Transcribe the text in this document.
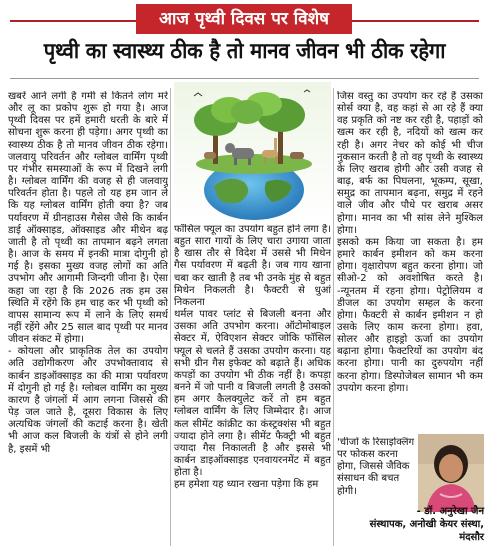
आज पृथ्वी दिवस पर विशेष
पृथ्वी का स्वास्थ्य ठीक है तो मानव जीवन भी ठीक रहेगा

खबरें आने लगी है गर्मी से कितने लोग मरे और लू का प्रकोप शुरू हो गया है। आज पृथ्वी दिवस पर हमें हमारी धरती के बारे में सोचना शुरू करना ही पड़ेगा। अगर पृथ्वी का स्वास्थ्य ठीक है तो मानव जीवन ठीक रहेगा। जलवायु परिवर्तन और ग्लोबल वार्मिंग पृथ्वी पर गंभीर समस्याओं के रूप में दिखने लगी है। ग्लोबल वार्मिंग की वजह से ही जलवायु परिवर्तन होता है। पहले तो यह हम जान ले कि यह ग्लोबल वार्मिंग होती क्या है? जब पर्यावरण में ग्रीनहाउस गैसेस जैसे कि कार्बन डाई ऑक्साइड, ऑक्साइड और मीथेन बढ़ जाती है तो पृथ्वी का तापमान बढ़ने लगता है। आज के समय में इनकी मात्रा दोगुनी हो गई है। इसका मुख्य वजह लोगों का अति उपभोग और आगामी जिन्दगी जीना है। ऐसा कहा जा रहा है कि 2026 तक हम उस स्थिति में रहेंगे कि हम चाह कर भी पृथ्वी को वापस सामान्य रूप में लाने के लिए समर्थ नहीं रहेंगे और 25 साल बाद पृथ्वी पर मानव जीवन संकट में होगा।

- कोयला और प्राकृतिक तेल का उपयोग अति उद्योगीकरण और उपभोक्तावाद से कार्बन डाइऑक्साइड का की मात्रा पर्यावरण में दोगुनी हो गई है। ग्लोबल वार्मिंग का मुख्य कारण है जंगलों में आग लगना जिससे की पेड़ जल जाते है, दूसरा विकास के लिए अत्यधिक जंगलों की कटाई करना है। खेती भी आज कल बिजली के यंत्रों से होने लगी है, इसमें भी

फॉसिल फ्यूल का उपयोग बहुत होने लगा है। बहुत सारा गायों के लिए चारा उगाया जाता है खास तौर से विदेश में उससे भी मिथेन गैस पर्यावरण में बढ़ती है। जब गाय खाना चबा कर खाती है तब भी उनके मुंह से बहुत मिथेन निकलती है। फैक्टरी से धुआं निकलना

थर्मल पावर प्लांट से बिजली बनना और उसका अति उपभोग करना। ऑटोमोबाइल सेक्टर में, ऐविएशन सेक्टर जोकि फॉसिल फ्यूल से चलते हैं उसका उपयोग करना। यह सभी ग्रीन गैस इफेक्ट को बढ़ाते हैं। अधिक कपड़ों का उपयोग भी ठीक नहीं है। कपड़ा बनने में जो पानी व बिजली लगती है उसको हम अगर कैलक्युलेट करें तो हम बहुत ग्लोबल वार्मिंग के लिए जिम्मेदार है। आज कल सीमेंट कांक्रीट का कंस्ट्रक्शंस भी बहुत ज्यादा होने लगा है। सीमेंट फैक्ट्री भी बहुत ज्यादा गैस निकालती है और इससे भी कार्बन डाइऑक्साइड एनवायरनमेंट में बहुत होता है।

हम हमेशा यह ध्यान रखना पड़ेगा कि हम

जिस वस्तु का उपयोग कर रहे हैं उसका सोर्स क्या है, वह कहां से आ रहे हैं क्या वह प्रकृति को नष्ट कर रही है, पहाड़ों को खत्म कर रही है, नदियों को खत्म कर रही है। अगर नेचर को कोई भी चीज नुकसान करती है तो वह पृथ्वी के स्वास्थ्य के लिए खराब होगी और उसी वजह से बाढ़, बर्फ का पिघलना, भूकम्प, सूखा, समुद्र का तापमान बढ़ना, समुद्र में रहने वाले जीव और पौधे पर खराब असर होगा। मानव का भी सांस लेने मुश्किल होगा।

इसको कम किया जा सकता है। हम हमारे कार्बन इमीशन को कम करना होगा। वृक्षारोपण बहुत करना होगा। जो सीओ-2 को अवशोषित करते है। -न्यूनतम में रहना होगा। पेट्रोलियम व डीजल का उपयोग सम्हल के करना होगा। फैक्टरी से कार्बन इमीशन न हो उसके लिए काम करना होगा। हवा, सोलर और हाइड्रो ऊर्जा का उपयोग बढ़ाना होगा। फैक्टरियों का उपयोग बंद करना होगा। पानी का दुरुपयोग नहीं करना होगा। डिस्पोजेबल सामान भी कम उपयोग करना होगा।

'चीजों के रिसाइक्लिंग पर फोकस करना होगा, जिससे जैविक संसाधन की बचत होगी।

- डॉ. अनुरेखा जैन
संस्थापक, अनोखी केयर संस्था,
मंदसौर
